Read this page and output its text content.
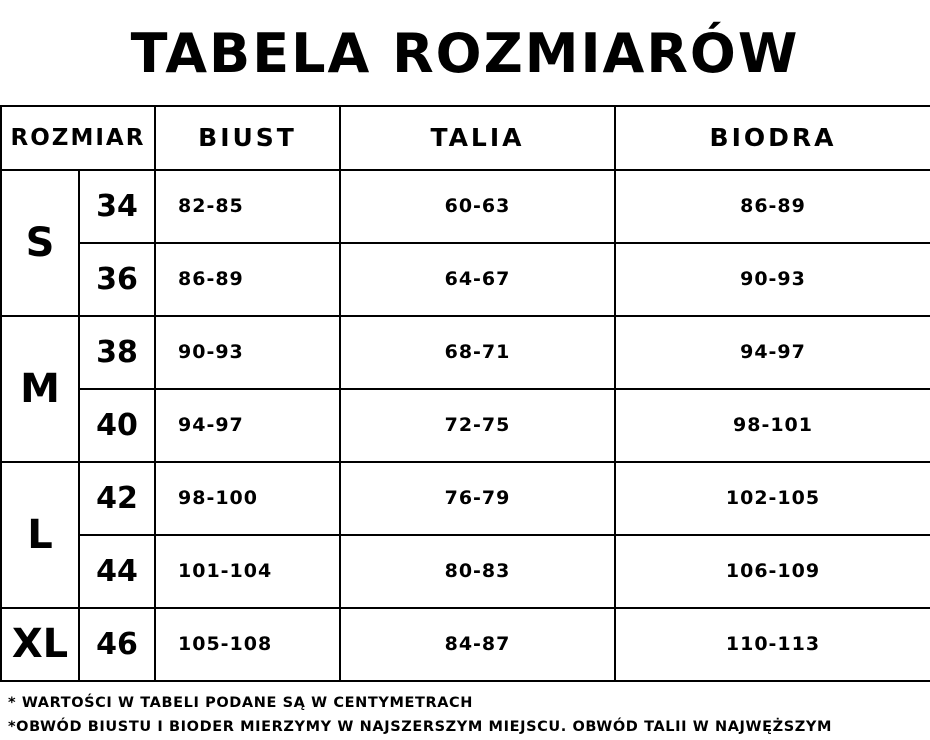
TABELA ROZMIARÓW
ROZMIAR		BIUST	TALIA	BIODRA
S	34	82-85	60-63	86-89
	36	86-89	64-67	90-93
M	38	90-93	68-71	94-97
	40	94-97	72-75	98-101
L	42	98-100	76-79	102-105
	44	101-104	80-83	106-109
XL	46	105-108	84-87	110-113
* WARTOŚCI W TABELI PODANE SĄ W CENTYMETRACH
*OBWÓD BIUSTU I BIODER MIERZYMY W NAJSZERSZYM MIEJSCU. OBWÓD TALII W NAJWĘŻSZYM
